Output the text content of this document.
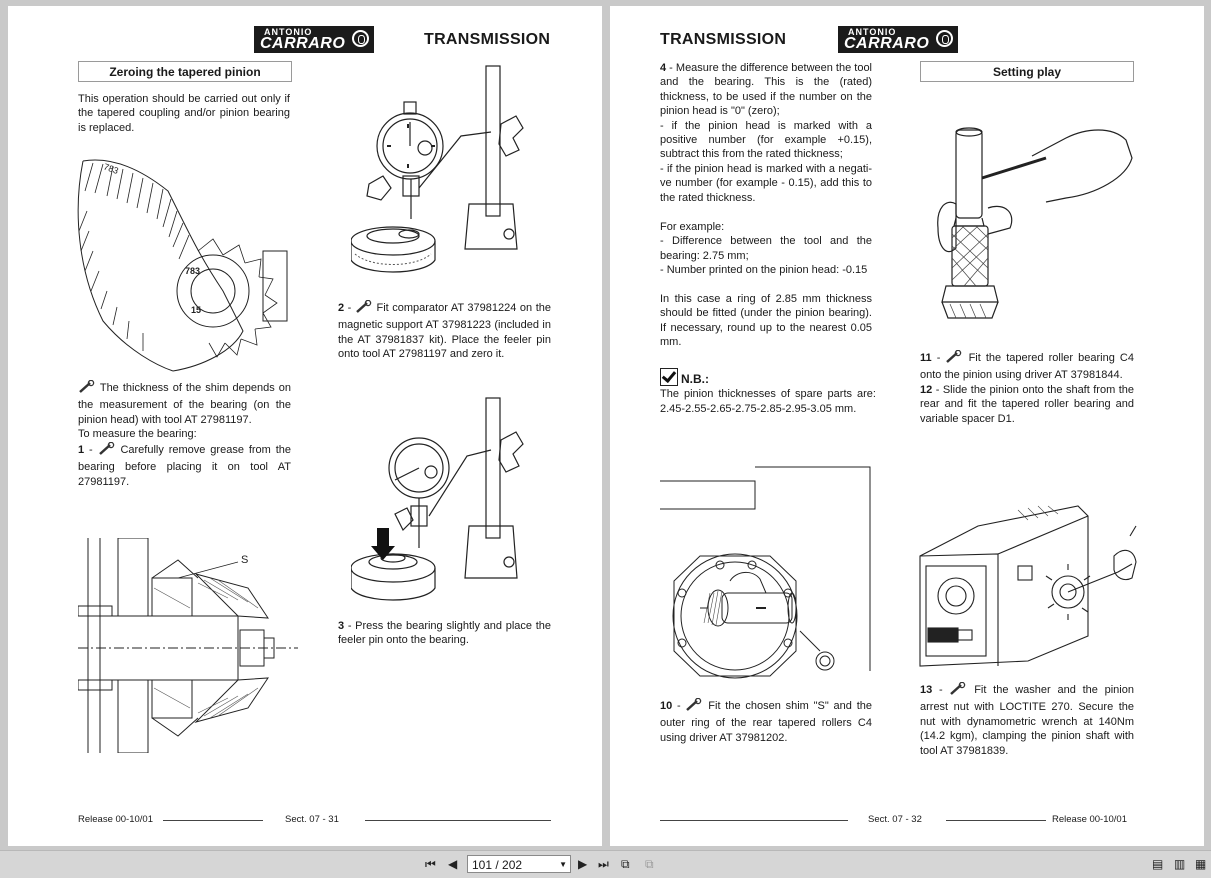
ANTONIO
CARRARO	TRANSMISSION
Zeroing the tapered pinion

This operation should be carried out only if the tapered coupling and/or pinion bearing is replaced.

783
783
15

The thickness of the shim depends on the measurement of the bearing (on the pinion head) with tool AT 27981197.

To measure the bearing:

1 -  Carefully remove grease from the bearing before placing it on tool AT 27981197.

S

2 -  Fit comparator AT 37981224 on the magnetic support AT 37981223 (included in the AT 37981837 kit). Place the feeler pin onto tool AT 27981197 and zero it.

3 - Press the bearing slightly and place the feeler pin onto the bearing.

Release 00-10/01	Sect. 07 - 31
TRANSMISSION	ANTONIO
CARRARO
Setting play

4 - Measure the difference between the tool and the bearing. This is the (rated) thickness, to be used if the number on the pinion head is "0" (zero);

- if the pinion head is marked with a positive number (for example +0.15), subtract this from the rated thickness;

- if the pinion head is marked with a negati-ve number (for example - 0.15), add this to the rated thickness.

For example:

- Difference between the tool and the bearing: 2.75 mm;

- Number printed on the pinion head: -0.15

In this case a ring of 2.85 mm thickness should be fitted (under the pinion bearing). If necessary, round up to the nearest 0.05 mm.

N.B.:

The pinion thicknesses of spare parts are: 2.45-2.55-2.65-2.75-2.85-2.95-3.05 mm.

10 -  Fit the chosen shim "S" and the outer ring of the rear tapered rollers C4 using driver AT 37981202.

11 -  Fit the tapered roller bearing C4 onto the pinion using driver AT 37981844.

12 - Slide the pinion onto the shaft from the rear and fit the tapered roller bearing and variable spacer D1.

13 -  Fit the washer and the pinion arrest nut with LOCTITE 270. Secure the nut with dynamometric wrench at 140Nm (14.2 kgm), clamping the pinion shaft with tool AT 37981839.

Sect. 07 - 32	Release 00-10/01
⏮ ◀	101 / 202	▼ ▶ ⏭ ⧉ ⧉	▤ ▥ ▦
